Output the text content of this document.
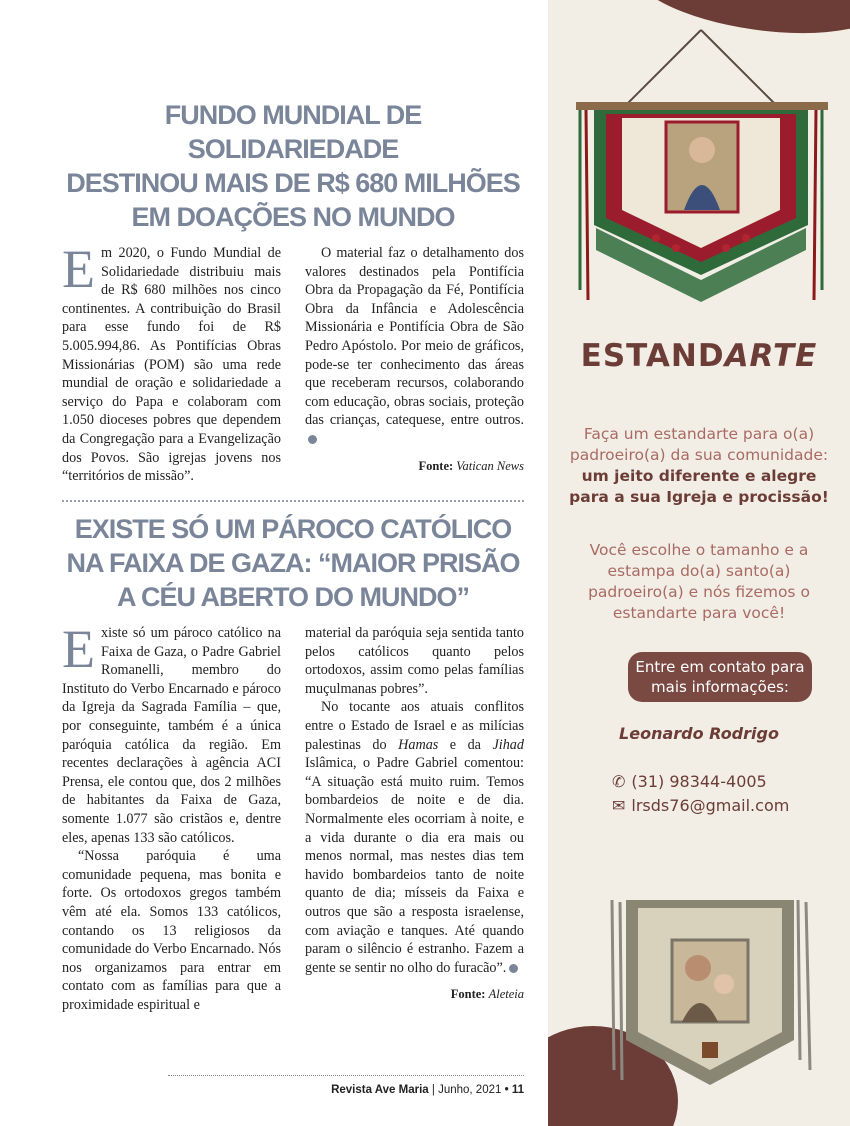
FUNDO MUNDIAL DE SOLIDARIEDADE
DESTINOU MAIS DE R$ 680 MILHÕES
EM DOAÇÕES NO MUNDO

Em 2020, o Fundo Mundial de Solidariedade distribuiu mais de R$ 680 milhões nos cinco continentes. A contribuição do Brasil para esse fundo foi de R$ 5.005.994,86. As Pontifícias Obras Missionárias (POM) são uma rede mundial de oração e solidariedade a serviço do Papa e colaboram com 1.050 dioceses pobres que dependem da Congregação para a Evangelização dos Povos. São igrejas jovens nos “territórios de missão”.

O material faz o detalhamento dos valores destinados pela Pontifícia Obra da Propagação da Fé, Pontifícia Obra da Infância e Adolescência Missionária e Pontifícia Obra de São Pedro Apóstolo. Por meio de gráficos, pode-se ter conhecimento das áreas que receberam recursos, colaborando com educação, obras sociais, proteção das crianças, catequese, entre outros.

Fonte: Vatican News
EXISTE SÓ UM PÁROCO CATÓLICO
NA FAIXA DE GAZA: “MAIOR PRISÃO
A CÉU ABERTO DO MUNDO”

Existe só um pároco católico na Faixa de Gaza, o Padre Gabriel Romanelli, membro do Instituto do Verbo Encarnado e pároco da Igreja da Sagrada Família – que, por conseguinte, também é a única paróquia católica da região. Em recentes declarações à agência ACI Prensa, ele contou que, dos 2 milhões de habitantes da Faixa de Gaza, somente 1.077 são cristãos e, dentre eles, apenas 133 são católicos.

“Nossa paróquia é uma comunidade pequena, mas bonita e forte. Os ortodoxos gregos também vêm até ela. Somos 133 católicos, contando os 13 religiosos da comunidade do Verbo Encarnado. Nós nos organizamos para entrar em contato com as famílias para que a proximidade espiritual e

material da paróquia seja sentida tanto pelos católicos quanto pelos ortodoxos, assim como pelas famílias muçulmanas pobres”.

No tocante aos atuais conflitos entre o Estado de Israel e as milícias palestinas do Hamas e da Jihad Islâmica, o Padre Gabriel comentou: “A situação está muito ruim. Temos bombardeios de noite e de dia. Normalmente eles ocorriam à noite, e a vida durante o dia era mais ou menos normal, mas nestes dias tem havido bombardeios tanto de noite quanto de dia; mísseis da Faixa e outros que são a resposta israelense, com aviação e tanques. Até quando param o silêncio é estranho. Fazem a gente se sentir no olho do furacão”.

Fonte: Aleteia
Revista Ave Maria | Junho, 2021 • 11
ESTANDARTE
Faça um estandarte para o(a)
padroeiro(a) da sua comunidade:
um jeito diferente e alegre
para a sua Igreja e procissão!
Você escolhe o tamanho e a
estampa do(a) santo(a)
padroeiro(a) e nós fizemos o
estandarte para você!
Entre em contato para
mais informações:
Leonardo Rodrigo
✆ (31) 98344-4005
✉ lrsds76@gmail.com
